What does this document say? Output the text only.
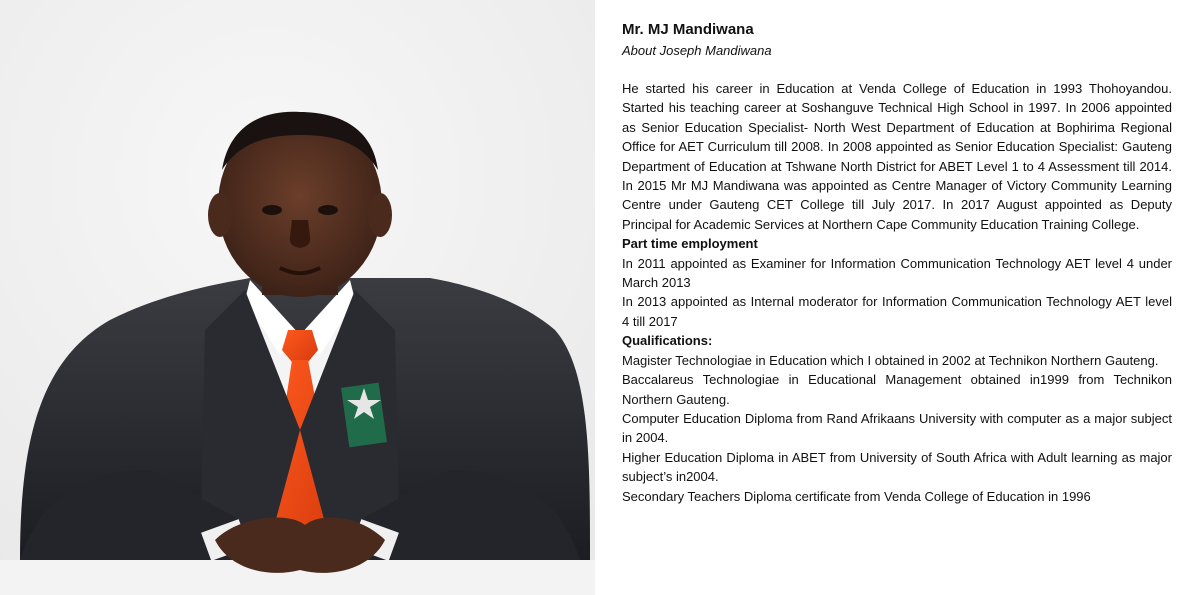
Mr. MJ Mandiwana

About Joseph Mandiwana

He started his career in Education at Venda College of Education in 1993 Thohoyandou. Started his teaching career at Soshanguve Technical High School in 1997. In 2006 appointed as Senior Education Specialist- North West Department of Education at Bophirima Regional Office for AET Curriculum till 2008. In 2008 appointed as Senior Education Specialist: Gauteng Department of Education at Tshwane North District for ABET Level 1 to 4 Assessment till 2014. In 2015 Mr MJ Mandiwana was appointed as Centre Manager of Victory Community Learning Centre under Gauteng CET College till July 2017. In 2017 August appointed as Deputy Principal for Academic Services at Northern Cape Community Education Training College.

Part time employment

In 2011 appointed as Examiner for Information Communication Technology AET level 4 under March 2013

In 2013 appointed as Internal moderator for Information Communication Technology AET level 4 till 2017

Qualifications:

Magister Technologiae in Education which I obtained in 2002 at Technikon Northern Gauteng.

Baccalareus Technologiae in Educational Management obtained in1999 from Technikon Northern Gauteng.

Computer Education Diploma from Rand Afrikaans University with computer as a major subject in 2004.

Higher Education Diploma in ABET from University of South Africa with Adult learning as major subject’s in2004.

Secondary Teachers Diploma certificate from Venda College of Education in 1996
